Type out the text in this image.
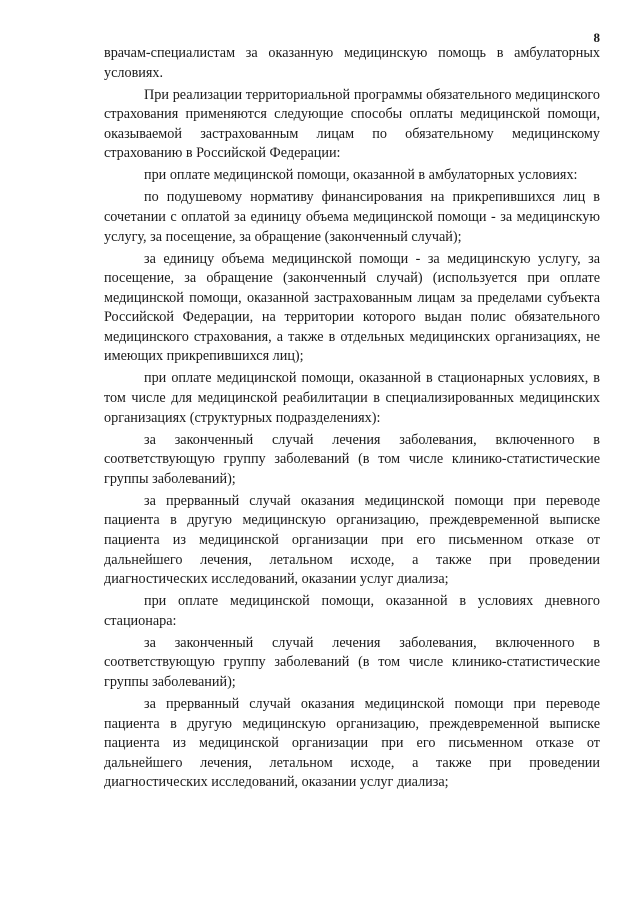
8

врачам-специалистам за оказанную медицинскую помощь в амбулаторных условиях.

При реализации территориальной программы обязательного медицинского страхования применяются следующие способы оплаты медицинской помощи, оказываемой застрахованным лицам по обязательному медицинскому страхованию в Российской Федерации:

при оплате медицинской помощи, оказанной в амбулаторных условиях:

по подушевому нормативу финансирования на прикрепившихся лиц в сочетании с оплатой за единицу объема медицинской помощи - за медицинскую услугу, за посещение, за обращение (законченный случай);

за единицу объема медицинской помощи - за медицинскую услугу, за посещение, за обращение (законченный случай) (используется при оплате медицинской помощи, оказанной застрахованным лицам за пределами субъекта Российской Федерации, на территории которого выдан полис обязательного медицинского страхования, а также в отдельных медицинских организациях, не имеющих прикрепившихся лиц);

при оплате медицинской помощи, оказанной в стационарных условиях, в том числе для медицинской реабилитации в специализированных медицинских организациях (структурных подразделениях):

за законченный случай лечения заболевания, включенного в соответствующую группу заболеваний (в том числе клинико-статистические группы заболеваний);

за прерванный случай оказания медицинской помощи при переводе пациента в другую медицинскую организацию, преждевременной выписке пациента из медицинской организации при его письменном отказе от дальнейшего лечения, летальном исходе, а также при проведении диагностических исследований, оказании услуг диализа;

при оплате медицинской помощи, оказанной в условиях дневного стационара:

за законченный случай лечения заболевания, включенного в соответствующую группу заболеваний (в том числе клинико-статистические группы заболеваний);

за прерванный случай оказания медицинской помощи при переводе пациента в другую медицинскую организацию, преждевременной выписке пациента из медицинской организации при его письменном отказе от дальнейшего лечения, летальном исходе, а также при проведении диагностических исследований, оказании услуг диализа;
